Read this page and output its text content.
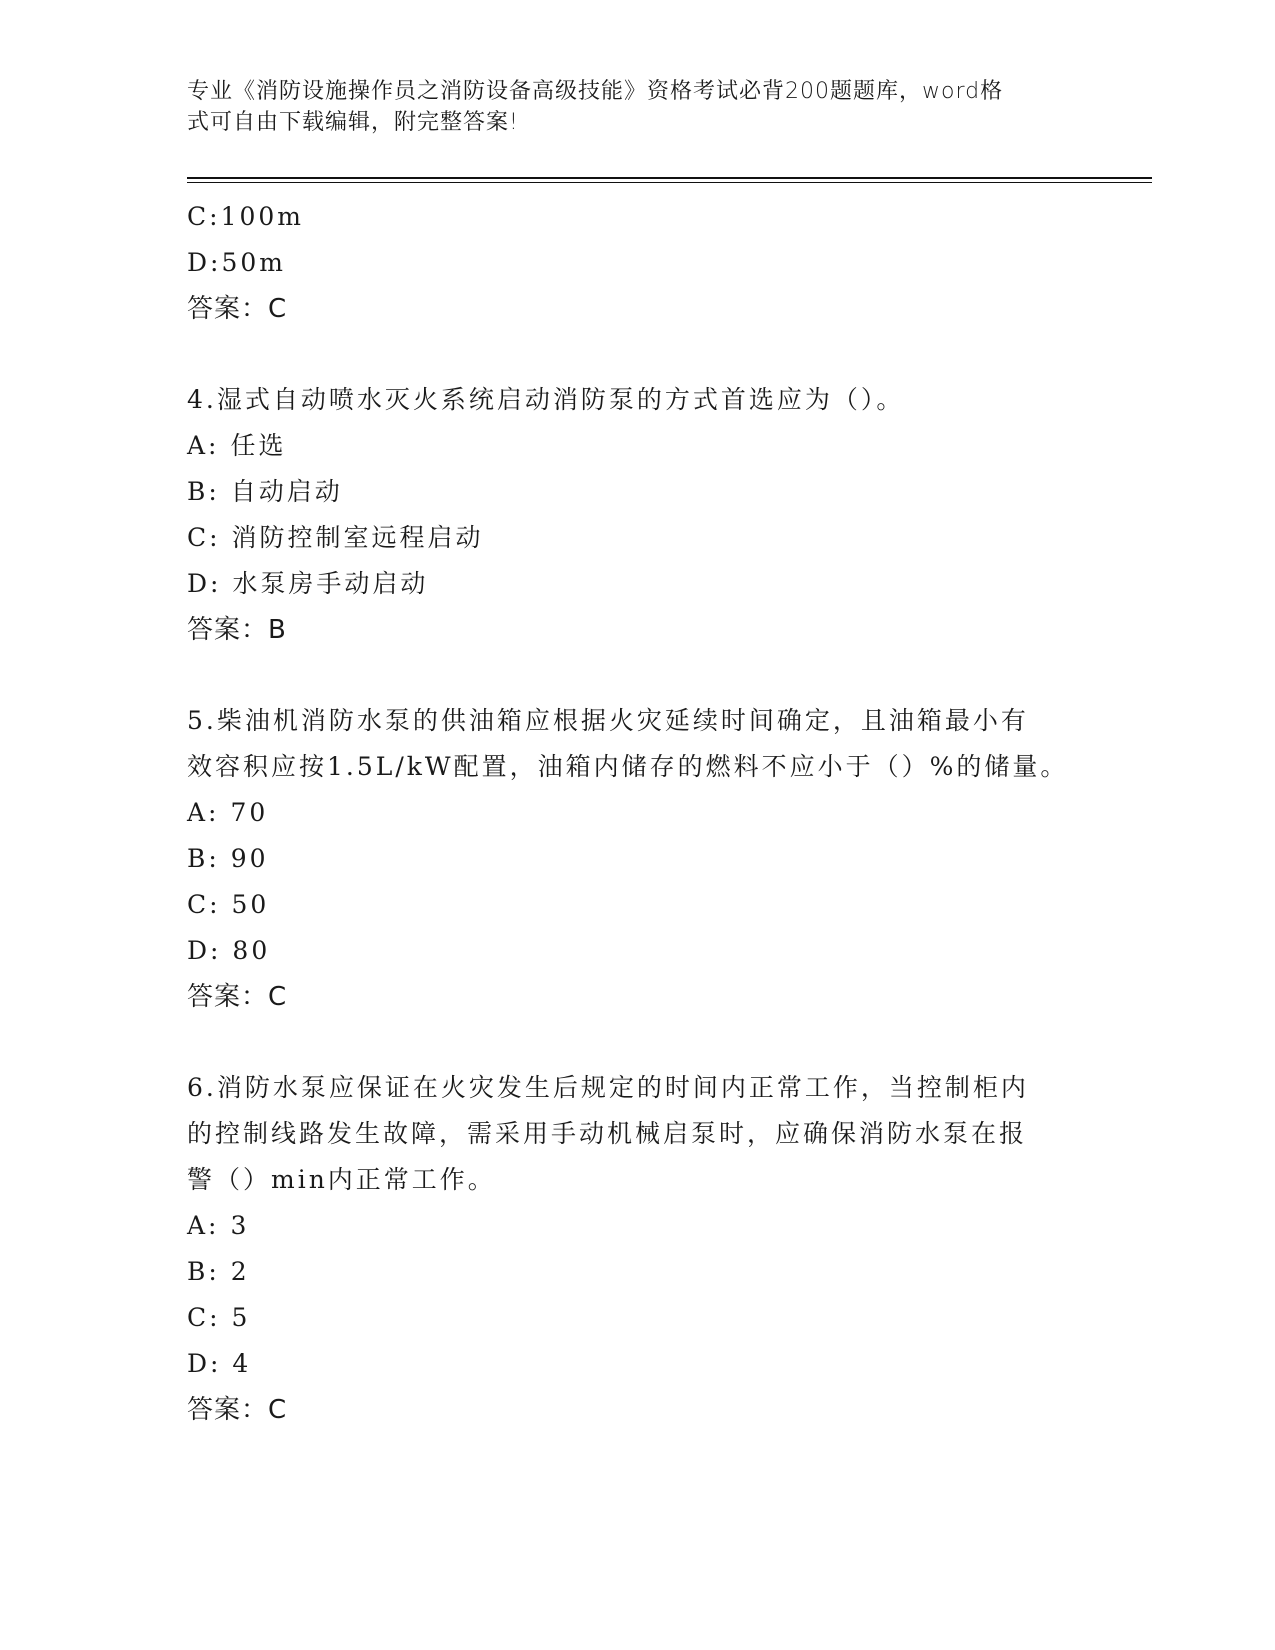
专业《消防设施操作员之消防设备高级技能》资格考试必背200题题库，word格
式可自由下载编辑，附完整答案!
C:100m
D:50m
答案：C
4.湿式自动喷水灭火系统启动消防泵的方式首选应为（）。
A: 任选
B: 自动启动
C: 消防控制室远程启动
D: 水泵房手动启动
答案：B
5.柴油机消防水泵的供油箱应根据火灾延续时间确定，且油箱最小有
效容积应按1.5L/kW配置，油箱内储存的燃料不应小于（）%的储量。
A: 70
B: 90
C: 50
D: 80
答案：C
6.消防水泵应保证在火灾发生后规定的时间内正常工作，当控制柜内
的控制线路发生故障，需采用手动机械启泵时，应确保消防水泵在报
警（）min内正常工作。
A: 3
B: 2
C: 5
D: 4
答案：C
